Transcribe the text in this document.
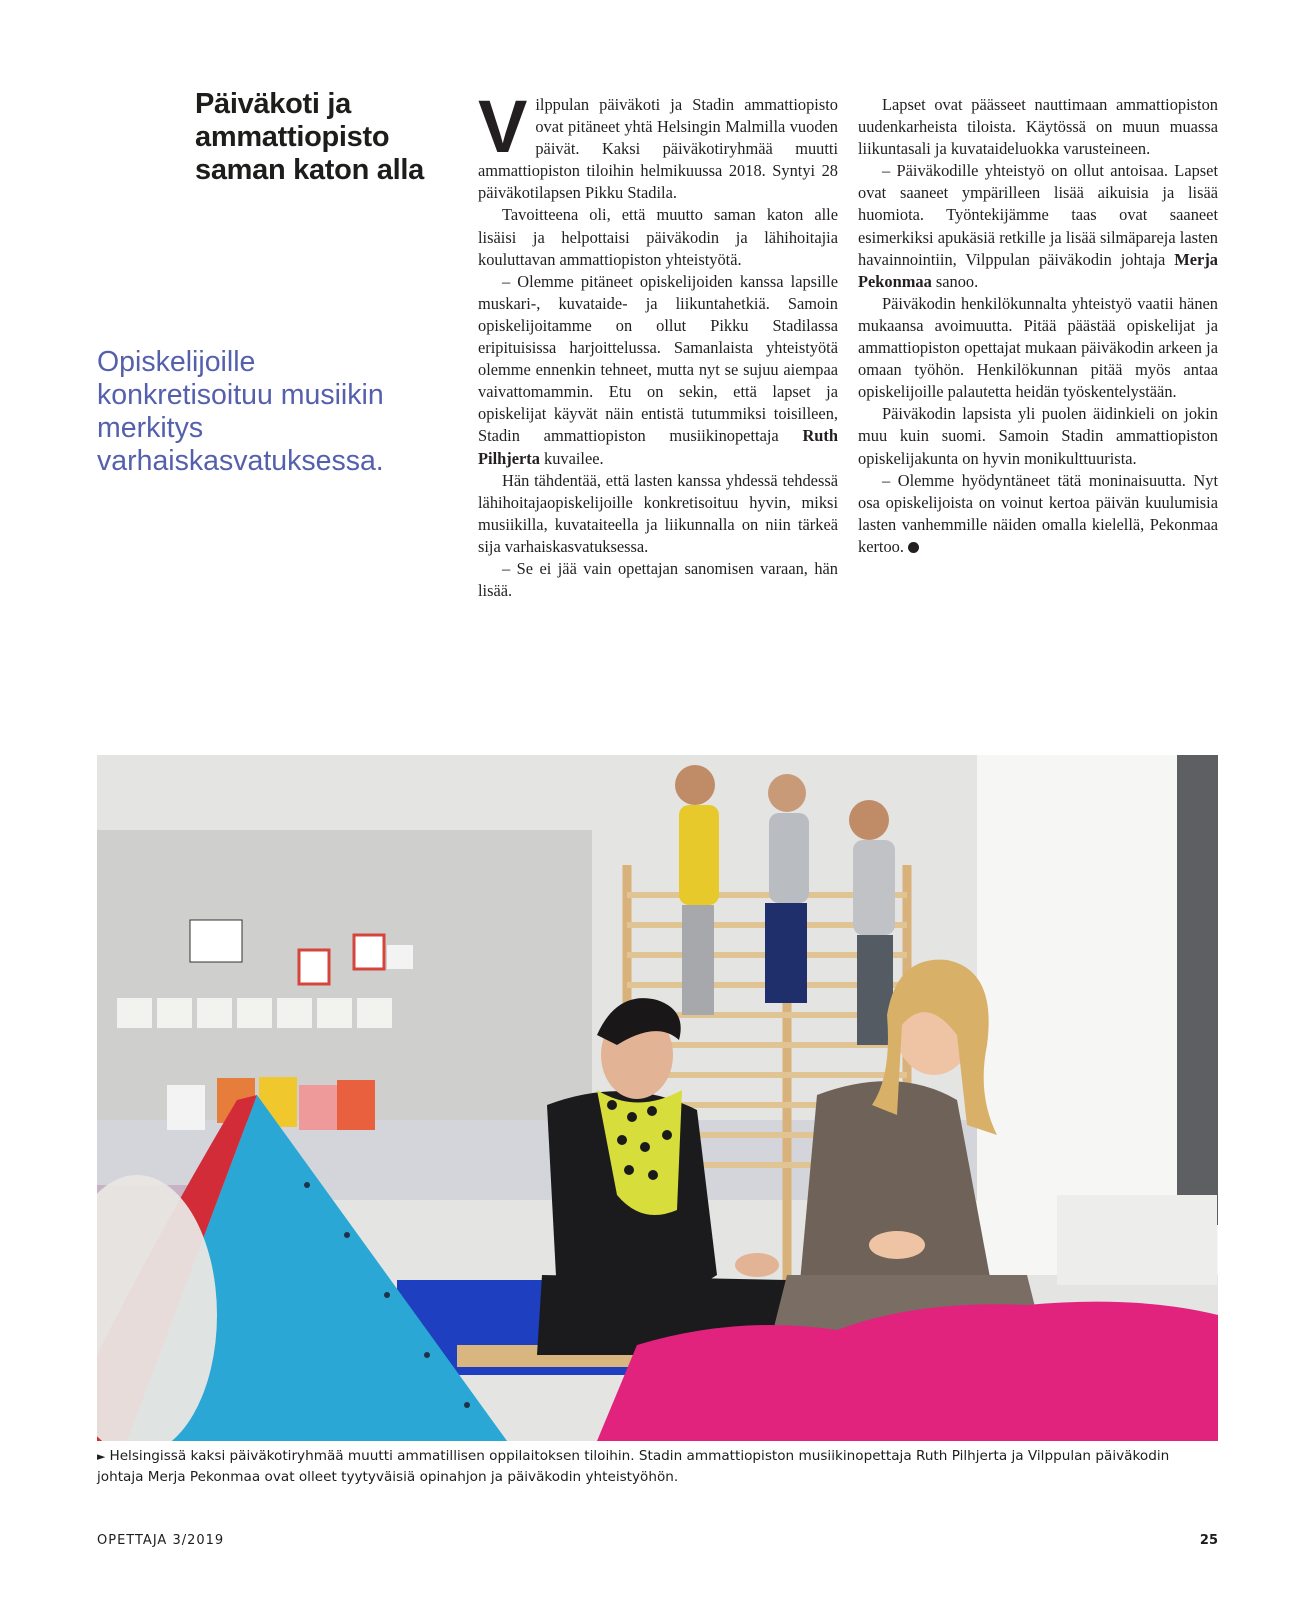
Päiväkoti ja ammattiopisto saman katon alla
Opiskelijoille konkretisoituu musiikin merkitys varhaiskasvatuksessa.

Vilppulan päiväkoti ja Stadin ammattiopisto ovat pitäneet yhtä Helsingin Malmilla vuoden päivät. Kaksi päiväkotiryhmää muutti ammattiopiston tiloihin helmikuussa 2018. Syntyi 28 päiväkotilapsen Pikku Stadila.

Tavoitteena oli, että muutto saman katon alle lisäisi ja helpottaisi päiväkodin ja lähihoitajia kouluttavan ammattiopiston yhteistyötä.

– Olemme pitäneet opiskelijoiden kanssa lapsille muskari-, kuvataide- ja liikuntahetkiä. Samoin opiskelijoitamme on ollut Pikku Stadilassa eripituisissa harjoittelussa. Samanlaista yhteistyötä olemme ennenkin tehneet, mutta nyt se sujuu aiempaa vaivattomammin. Etu on sekin, että lapset ja opiskelijat käyvät näin entistä tutummiksi toisilleen, Stadin ammattiopiston musiikinopettaja Ruth Pilhjerta kuvailee.

Hän tähdentää, että lasten kanssa yhdessä tehdessä lähihoitajaopiskelijoille konkretisoituu hyvin, miksi musiikilla, kuvataiteella ja liikunnalla on niin tärkeä sija varhaiskasvatuksessa.

– Se ei jää vain opettajan sanomisen varaan, hän lisää.

Lapset ovat päässeet nauttimaan ammattiopiston uudenkarheista tiloista. Käytössä on muun muassa liikuntasali ja kuvataideluokka varusteineen.

– Päiväkodille yhteistyö on ollut antoisaa. Lapset ovat saaneet ympärilleen lisää aikuisia ja lisää huomiota. Työntekijämme taas ovat saaneet esimerkiksi apukäsiä retkille ja lisää silmäpareja lasten havainnointiin, Vilppulan päiväkodin johtaja Merja Pekonmaa sanoo.

Päiväkodin henkilökunnalta yhteistyö vaatii hänen mukaansa avoimuutta. Pitää päästää opiskelijat ja ammattiopiston opettajat mukaan päiväkodin arkeen ja omaan työhön. Henkilökunnan pitää myös antaa opiskelijoille palautetta heidän työskentelystään.

Päiväkodin lapsista yli puolen äidinkieli on jokin muu kuin suomi. Samoin Stadin ammattiopiston opiskelijakunta on hyvin monikulttuurista.

– Olemme hyödyntäneet tätä moninaisuutta. Nyt osa opiskelijoista on voinut kertoa päivän kuulumisia lasten vanhemmille näiden omalla kielellä, Pekonmaa kertoo.

► Helsingissä kaksi päiväkotiryhmää muutti ammatillisen oppilaitoksen tiloihin. Stadin ammattiopiston musiikinopettaja Ruth Pilhjerta ja Vilppulan päiväkodin johtaja Merja Pekonmaa ovat olleet tyytyväisiä opinahjon ja päiväkodin yhteistyöhön.
OPETTAJA 3/2019	25
